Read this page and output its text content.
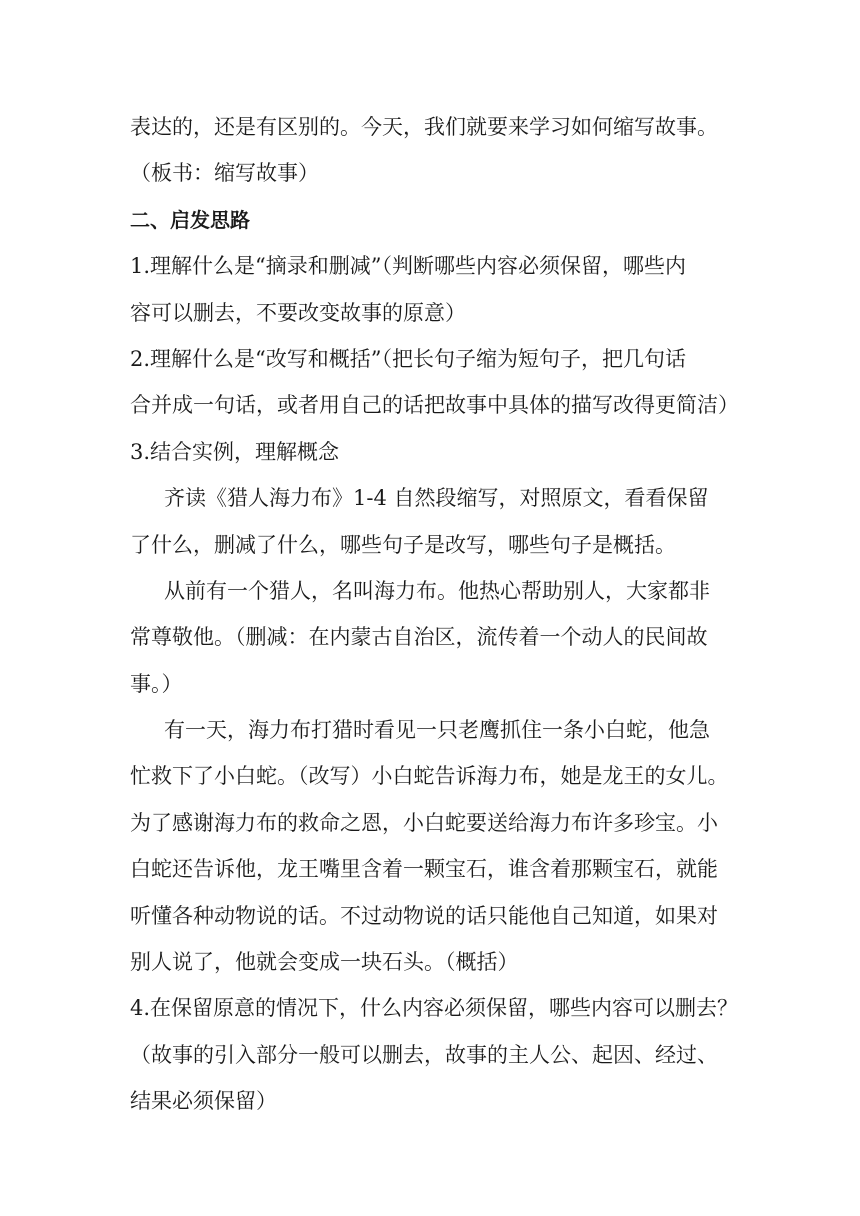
表达的，还是有区别的。今天，我们就要来学习如何缩写故事。
（板书：缩写故事）
二、启发思路
1.理解什么是“摘录和删减”（判断哪些内容必须保留，哪些内
容可以删去，不要改变故事的原意）
2.理解什么是“改写和概括”（把长句子缩为短句子，把几句话
合并成一句话，或者用自己的话把故事中具体的描写改得更简洁）
3.结合实例，理解概念
齐读《猎人海力布》1-4 自然段缩写，对照原文，看看保留
了什么，删减了什么，哪些句子是改写，哪些句子是概括。
从前有一个猎人，名叫海力布。他热心帮助别人，大家都非
常尊敬他。（删减：在内蒙古自治区，流传着一个动人的民间故
事。）
有一天，海力布打猎时看见一只老鹰抓住一条小白蛇，他急
忙救下了小白蛇。（改写）小白蛇告诉海力布，她是龙王的女儿。
为了感谢海力布的救命之恩，小白蛇要送给海力布许多珍宝。小
白蛇还告诉他，龙王嘴里含着一颗宝石，谁含着那颗宝石，就能
听懂各种动物说的话。不过动物说的话只能他自己知道，如果对
别人说了，他就会变成一块石头。（概括）
4.在保留原意的情况下，什么内容必须保留，哪些内容可以删去？
（故事的引入部分一般可以删去，故事的主人公、起因、经过、
结果必须保留）
